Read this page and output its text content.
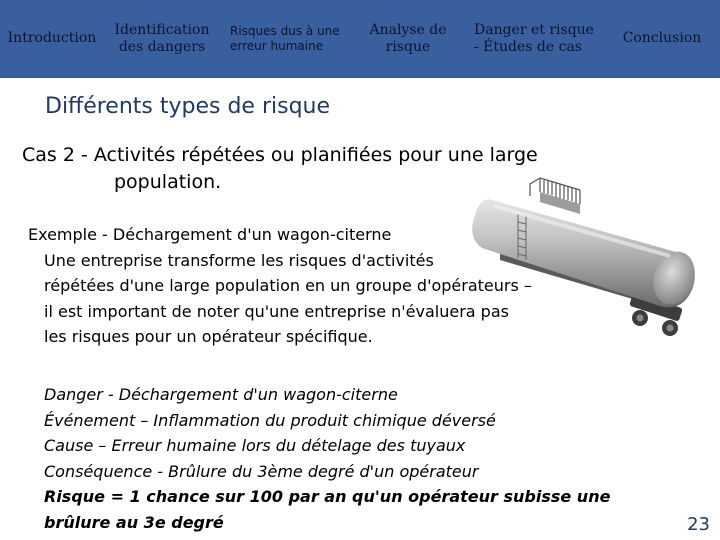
Introduction
Identification
des dangers
Risques dus à une
erreur humaine
Analyse de
risque
Danger et risque
- Études de cas
Conclusion
Différents types de risque
Cas 2 - Activités répétées ou planifiées pour une large
population.
Exemple - Déchargement d'un wagon-citerne
Une entreprise transforme les risques d'activités
répétées d'une large population en un groupe d'opérateurs –
il est important de noter qu'une entreprise n'évaluera pas
les risques pour un opérateur spécifique.
Danger - Déchargement d'un wagon-citerne
Événement – Inflammation du produit chimique déversé
Cause – Erreur humaine lors du dételage des tuyaux
Conséquence - Brûlure du 3ème degré d'un opérateur
Risque = 1 chance sur 100 par an qu'un opérateur subisse une
brûlure au 3e degré	23
